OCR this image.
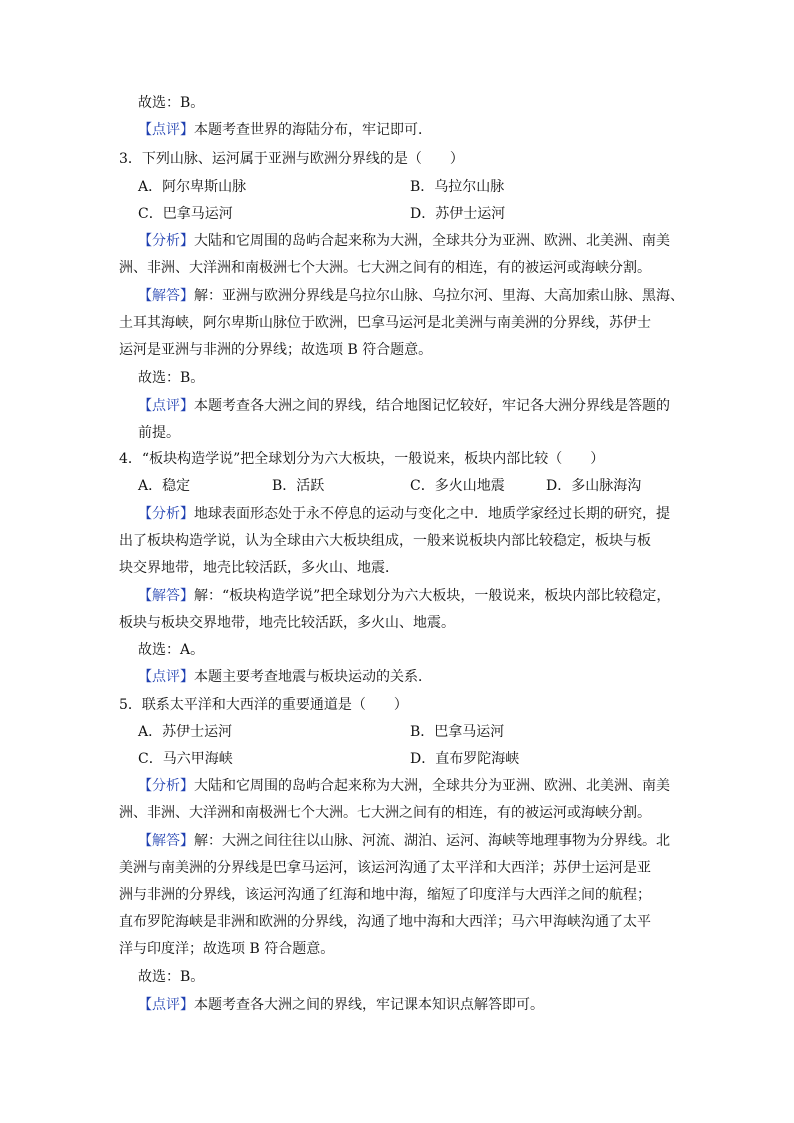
故选：B。
【点评】本题考查世界的海陆分布，牢记即可．
3．下列山脉、运河属于亚洲与欧洲分界线的是（　　）
A．阿尔卑斯山脉	B．乌拉尔山脉
C．巴拿马运河	D．苏伊士运河
【分析】大陆和它周围的岛屿合起来称为大洲，全球共分为亚洲、欧洲、北美洲、南美
洲、非洲、大洋洲和南极洲七个大洲。七大洲之间有的相连，有的被运河或海峡分割。
【解答】解：亚洲与欧洲分界线是乌拉尔山脉、乌拉尔河、里海、大高加索山脉、黑海、
土耳其海峡，阿尔卑斯山脉位于欧洲，巴拿马运河是北美洲与南美洲的分界线，苏伊士
运河是亚洲与非洲的分界线；故选项 B 符合题意。
故选：B。
【点评】本题考查各大洲之间的界线，结合地图记忆较好，牢记各大洲分界线是答题的
前提。
4．“板块构造学说”把全球划分为六大板块，一般说来，板块内部比较（　　）
A．稳定	B．活跃	C．多火山地震	D．多山脉海沟
【分析】地球表面形态处于永不停息的运动与变化之中．地质学家经过长期的研究，提
出了板块构造学说，认为全球由六大板块组成，一般来说板块内部比较稳定，板块与板
块交界地带，地壳比较活跃，多火山、地震．
【解答】解：“板块构造学说”把全球划分为六大板块，一般说来，板块内部比较稳定，
板块与板块交界地带，地壳比较活跃，多火山、地震。
故选：A。
【点评】本题主要考查地震与板块运动的关系．
5．联系太平洋和大西洋的重要通道是（　　）
A．苏伊士运河	B．巴拿马运河
C．马六甲海峡	D．直布罗陀海峡
【分析】大陆和它周围的岛屿合起来称为大洲，全球共分为亚洲、欧洲、北美洲、南美
洲、非洲、大洋洲和南极洲七个大洲。七大洲之间有的相连，有的被运河或海峡分割。
【解答】解：大洲之间往往以山脉、河流、湖泊、运河、海峡等地理事物为分界线。北
美洲与南美洲的分界线是巴拿马运河，该运河沟通了太平洋和大西洋；苏伊士运河是亚
洲与非洲的分界线，该运河沟通了红海和地中海，缩短了印度洋与大西洋之间的航程；
直布罗陀海峡是非洲和欧洲的分界线，沟通了地中海和大西洋；马六甲海峡沟通了太平
洋与印度洋；故选项 B 符合题意。
故选：B。
【点评】本题考查各大洲之间的界线，牢记课本知识点解答即可。
